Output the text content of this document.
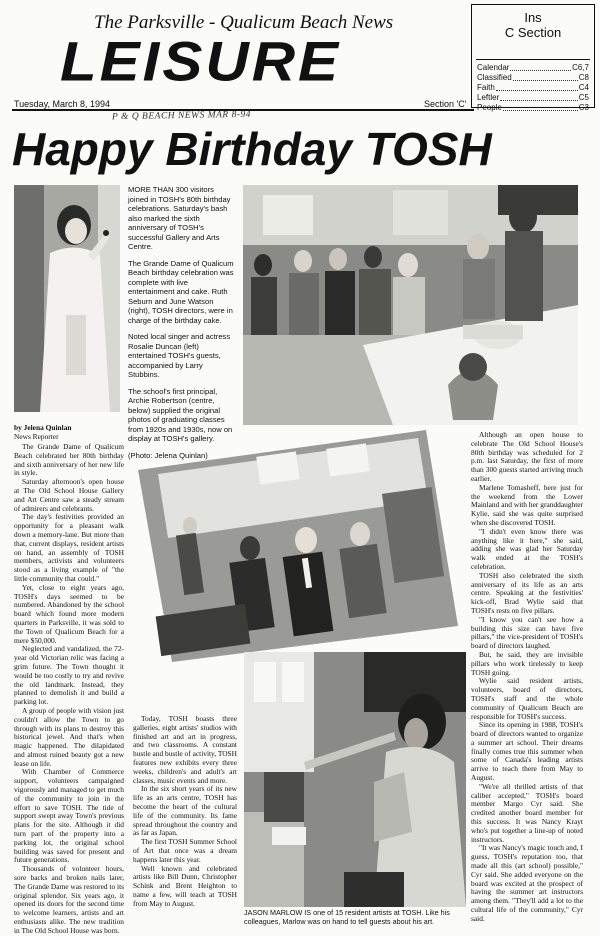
The Parksville - Qualicum Beach News
LEISURE
Tuesday, March 8, 1994	Section 'C'
Ins
C Section
Calendar	C6,7
Classified	C8
Faith	C4
Leftler	C5
People	C3
P & Q BEACH NEWS MAR 8-94
Happy Birthday TOSH

MORE THAN 300 visitors joined in TOSH's 80th birthday celebrations. Saturday's bash also marked the sixth anniversary of TOSH's successful Gallery and Arts Centre.

The Grande Dame of Qualicum Beach birthday celebration was complete with live entertainment and cake. Ruth Seburn and June Watson (right), TOSH directors, were in charge of the birthday cake.

Noted local singer and actress Rosalie Duncan (left) entertained TOSH's guests, accompanied by Larry Stubbins.

The school's first principal, Archie Robertson (centre, below) supplied the original photos of graduating classes from 1920s and 1930s, now on display at TOSH's gallery.

(Photo: Jelena Quinlan)

by Jelena Quinlan
News Reporter

The Grande Dame of Qualicum Beach celebrated her 80th birthday and sixth anniversary of her new life in style.

Saturday afternoon's open house at The Old School House Gallery and Art Centre saw a steady stream of admirers and celebrants.

The day's festivities provided an opportunity for a pleasant walk down a memory-lane. But more than that, current displays, resident artists on hand, an assembly of TOSH members, activists and volunteers stood as a living example of "the little community that could."

Yet, close to eight years ago, TOSH's days seemed to be numbered. Abandoned by the school board which found more modern quarters in Parksville, it was sold to the Town of Qualicum Beach for a mere $50,000.

Neglected and vandalized, the 72-year old Victorian relic was facing a grim future. The Town thought it would be too costly to try and revive the old landmark. Instead, they planned to demolish it and build a parking lot.

A group of people with vision just couldn't allow the Town to go through with its plans to destroy this historical jewel. And that's when magic happened. The dilapidated and almost ruined beauty got a new lease on life.

With Chamber of Commerce support, volunteers campaigned vigorously and managed to get much of the community to join in the effort to save TOSH. The tide of support swept away Town's previous plans for the site. Although it did turn part of the property into a parking lot, the original school building was saved for present and future generations.

Thousands of volunteer hours, sore backs and broken nails later, The Grande Dame was restored to its original splendor. Six years ago, it opened its doors for the second time to welcome learners, artists and art enthusiasts alike. The new tradition in The Old School House was born.

Today, TOSH boasts three galleries, eight artists' studios with finished art and art in progress, and two classrooms. A constant hustle and bustle of activity, TOSH features new exhibits every three weeks, children's and adult's art classes, music events and more.

In the six short years of its new life as an arts centre, TOSH has become the heart of the cultural life of the community. Its fame spread throughout the country and as far as Japan.

The first TOSH Summer School of Art that once was a dream happens later this year.

Well known and celebrated artists like Bill Dunn, Christopher Schink and Brent Heighton to name a few, will teach at TOSH from May to August.

JASON MARLOW IS one of 15 resident artists at TOSH. Like his colleagues, Marlow was on hand to tell guests about his art.

Although an open house to celebrate The Old School House's 80th birthday was scheduled for 2 p.m. last Saturday, the first of more than 300 guests started arriving much earlier.

Marlene Tomasheff, here just for the weekend from the Lower Mainland and with her granddaughter Kylie, said she was quite surprised when she discovered TOSH.

"I didn't even know there was anything like it here," she said, adding she was glad her Saturday walk ended at the TOSH's celebration.

TOSH also celebrated the sixth anniversary of its life as an arts centre. Speaking at the festivities' kick-off, Brad Wylie said that TOSH's rests on five pillars.

"I know you can't see how a building this size can have five pillars," the vice-president of TOSH's board of directors laughed.

But, he said, they are invisible pillars who work tirelessly to keep TOSH going.

Wylie said resident artists, volunteers, board of directors, TOSH's staff and the whole community of Qualicum Beach are responsible for TOSH's success.

Since its opening in 1988, TOSH's board of directors wanted to organize a summer art school. Their dreams finally comes true this summer when some of Canada's leading artists arrive to teach there from May to August.

"We're all thrilled artists of that caliber accepted," TOSH's board member Margo Cyr said. She credited another board member for this success. It was Nancy Krayt who's put together a line-up of noted instructors.

"It was Nancy's magic touch and, I guess, TOSH's reputation too, that made all this (art school) possible," Cyr said. She added everyone on the board was excited at the prospect of having the summer art instructors among them. "They'll add a lot to the cultural life of the community," Cyr said.
